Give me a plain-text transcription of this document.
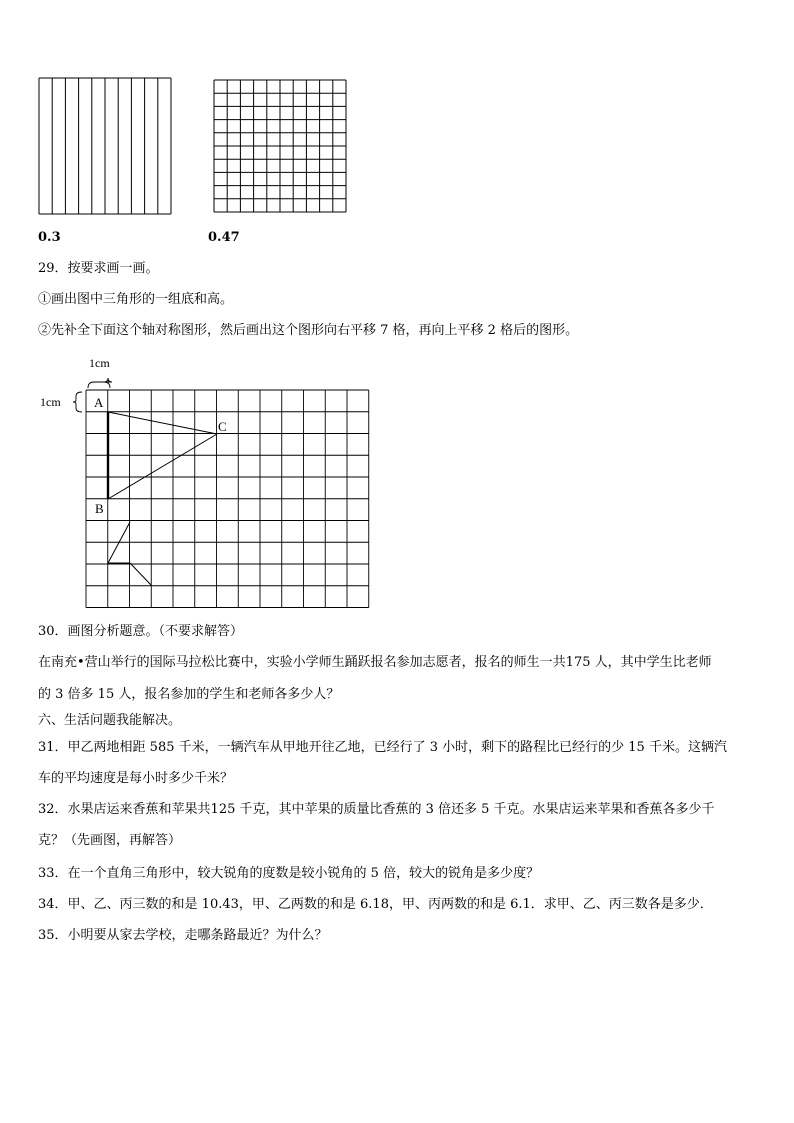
0.3	0.47
29．按要求画一画。
①画出图中三角形的一组底和高。
②先补全下面这个轴对称图形，然后画出这个图形向右平移 7 格，再向上平移 2 格后的图形。
1cm
1cm	A
B
C
30．画图分析题意。（不要求解答）
在南充•营山举行的国际马拉松比赛中，实验小学师生踊跃报名参加志愿者，报名的师生一共175 人，其中学生比老师
的 3 倍多 15 人，报名参加的学生和老师各多少人？
六、生活问题我能解决。
31．甲乙两地相距 585 千米，一辆汽车从甲地开往乙地，已经行了 3 小时，剩下的路程比已经行的少 15 千米。这辆汽
车的平均速度是每小时多少千米？
32．水果店运来香蕉和苹果共125 千克，其中苹果的质量比香蕉的 3 倍还多 5 千克。水果店运来苹果和香蕉各多少千
克？（先画图，再解答）
33．在一个直角三角形中，较大锐角的度数是较小锐角的 5 倍，较大的锐角是多少度？
34．甲、乙、丙三数的和是 10.43，甲、乙两数的和是 6.18，甲、丙两数的和是 6.1．求甲、乙、丙三数各是多少．
35．小明要从家去学校，走哪条路最近？为什么？
